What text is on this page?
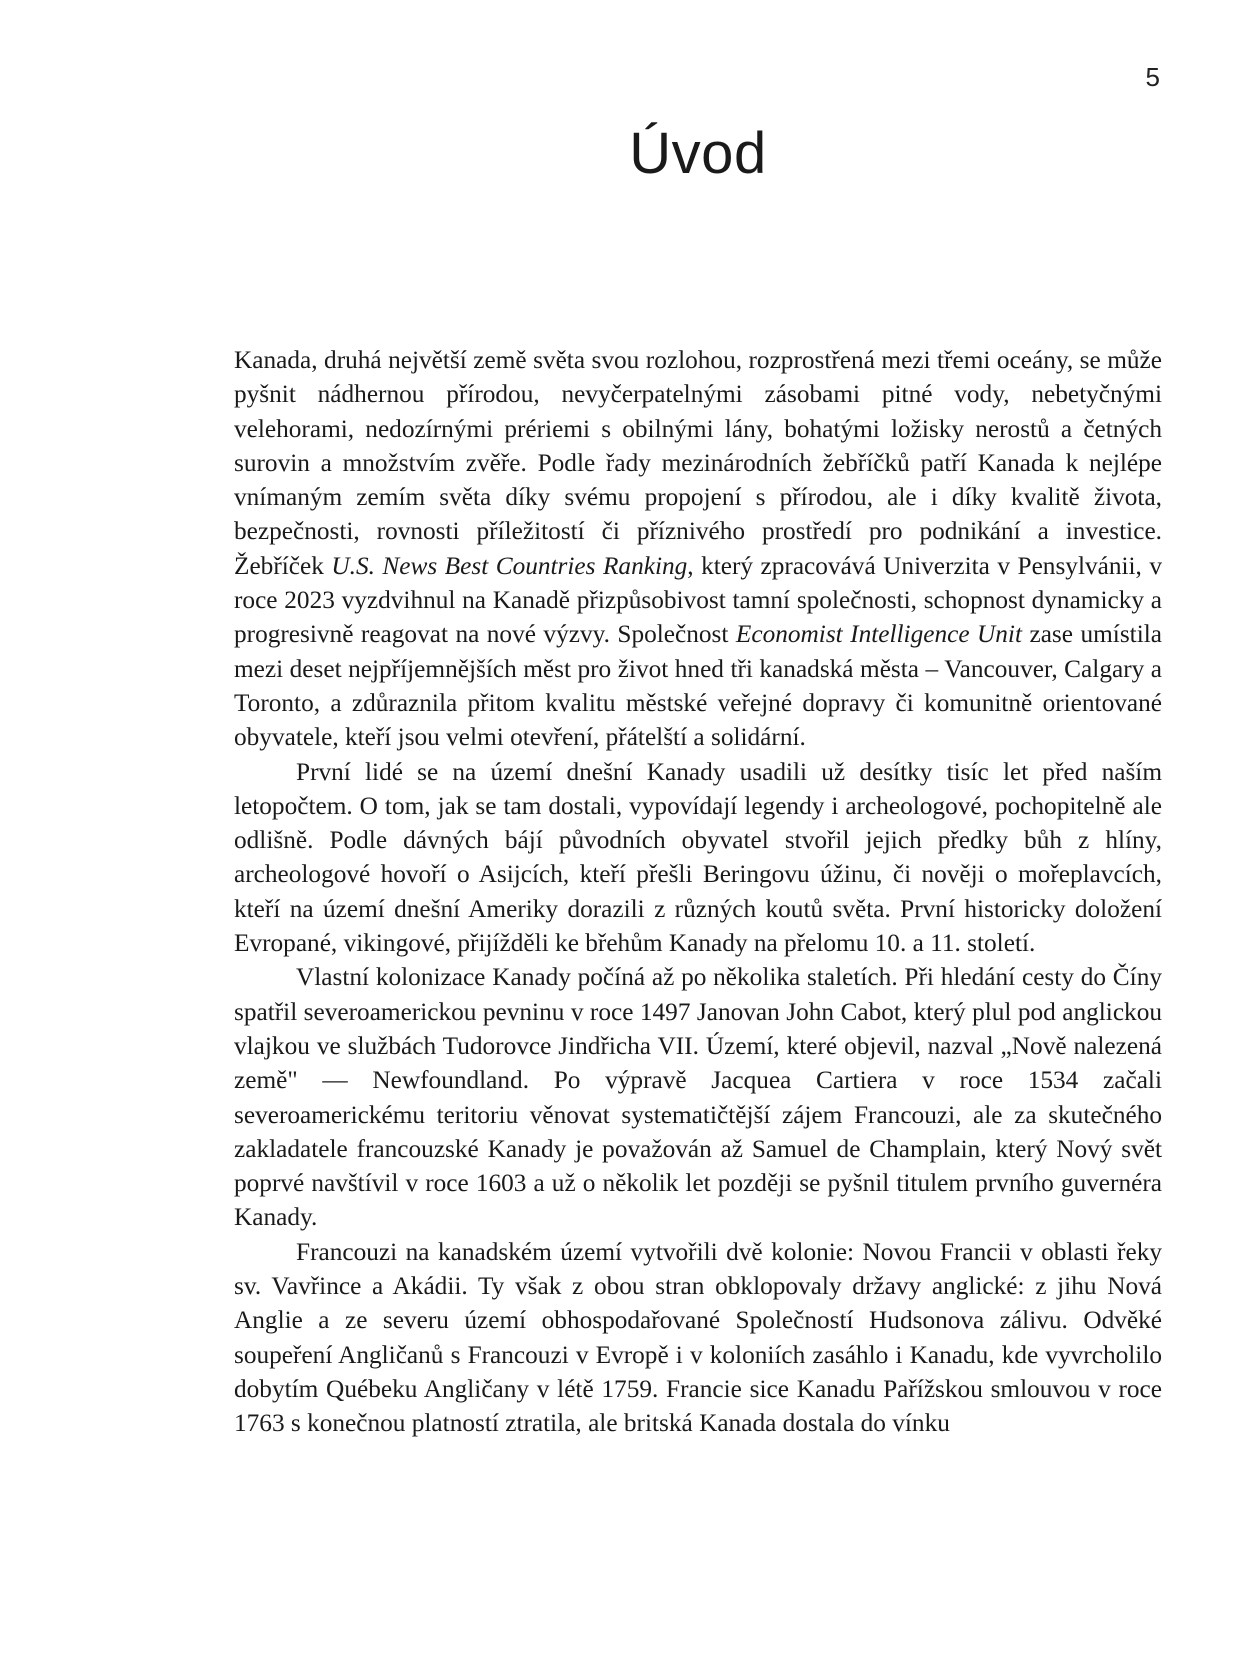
5
Úvod

Kanada, druhá největší země světa svou rozlohou, rozprostřená mezi třemi oceány, se může pyšnit nádhernou přírodou, nevyčerpatelnými zásobami pitné vody, nebetyčnými velehorami, nedozírnými prériemi s obilnými lány, bohatými ložisky nerostů a četných surovin a množstvím zvěře. Podle řady mezinárodních žebříčků patří Kanada k nejlépe vnímaným zemím světa díky svému propojení s přírodou, ale i díky kvalitě života, bezpečnosti, rovnosti příležitostí či příznivého prostředí pro podnikání a investice. Žebříček U.S. News Best Countries Ranking, který zpracovává Univerzita v Pensylvánii, v roce 2023 vyzdvihnul na Kanadě přizpůsobivost tamní společnosti, schopnost dynamicky a progresivně reagovat na nové výzvy. Společnost Economist Intelligence Unit zase umístila mezi deset nejpříjemnějších měst pro život hned tři kanadská města – Vancouver, Calgary a Toronto, a zdůraznila přitom kvalitu městské veřejné dopravy či komunitně orientované obyvatele, kteří jsou velmi otevření, přátelští a solidární.

První lidé se na území dnešní Kanady usadili už desítky tisíc let před naším letopočtem. O tom, jak se tam dostali, vypovídají legendy i archeologové, pochopitelně ale odlišně. Podle dávných bájí původních obyvatel stvořil jejich předky bůh z hlíny, archeologové hovoří o Asijcích, kteří přešli Beringovu úžinu, či nověji o mořeplavcích, kteří na území dnešní Ameriky dorazili z různých koutů světa. První historicky doložení Evropané, vikingové, přijížděli ke břehům Kanady na přelomu 10. a 11. století.

Vlastní kolonizace Kanady počíná až po několika staletích. Při hledání cesty do Číny spatřil severoamerickou pevninu v roce 1497 Janovan John Cabot, který plul pod anglickou vlajkou ve službách Tudorovce Jindřicha VII. Území, které objevil, nazval „Nově nalezená země" — Newfoundland. Po výpravě Jacquea Cartiera v roce 1534 začali severoamerickému teritoriu věnovat systematičtější zájem Francouzi, ale za skutečného zakladatele francouzské Kanady je považován až Samuel de Champlain, který Nový svět poprvé navštívil v roce 1603 a už o několik let později se pyšnil titulem prvního guvernéra Kanady.

Francouzi na kanadském území vytvořili dvě kolonie: Novou Francii v oblasti řeky sv. Vavřince a Akádii. Ty však z obou stran obklopovaly državy anglické: z jihu Nová Anglie a ze severu území obhospodařované Společností Hudsonova zálivu. Odvěké soupeření Angličanů s Francouzi v Evropě i v koloniích zasáhlo i Kanadu, kde vyvrcholilo dobytím Québeku Angličany v létě 1759. Francie sice Kanadu Pařížskou smlouvou v roce 1763 s konečnou platností ztratila, ale britská Kanada dostala do vínku
